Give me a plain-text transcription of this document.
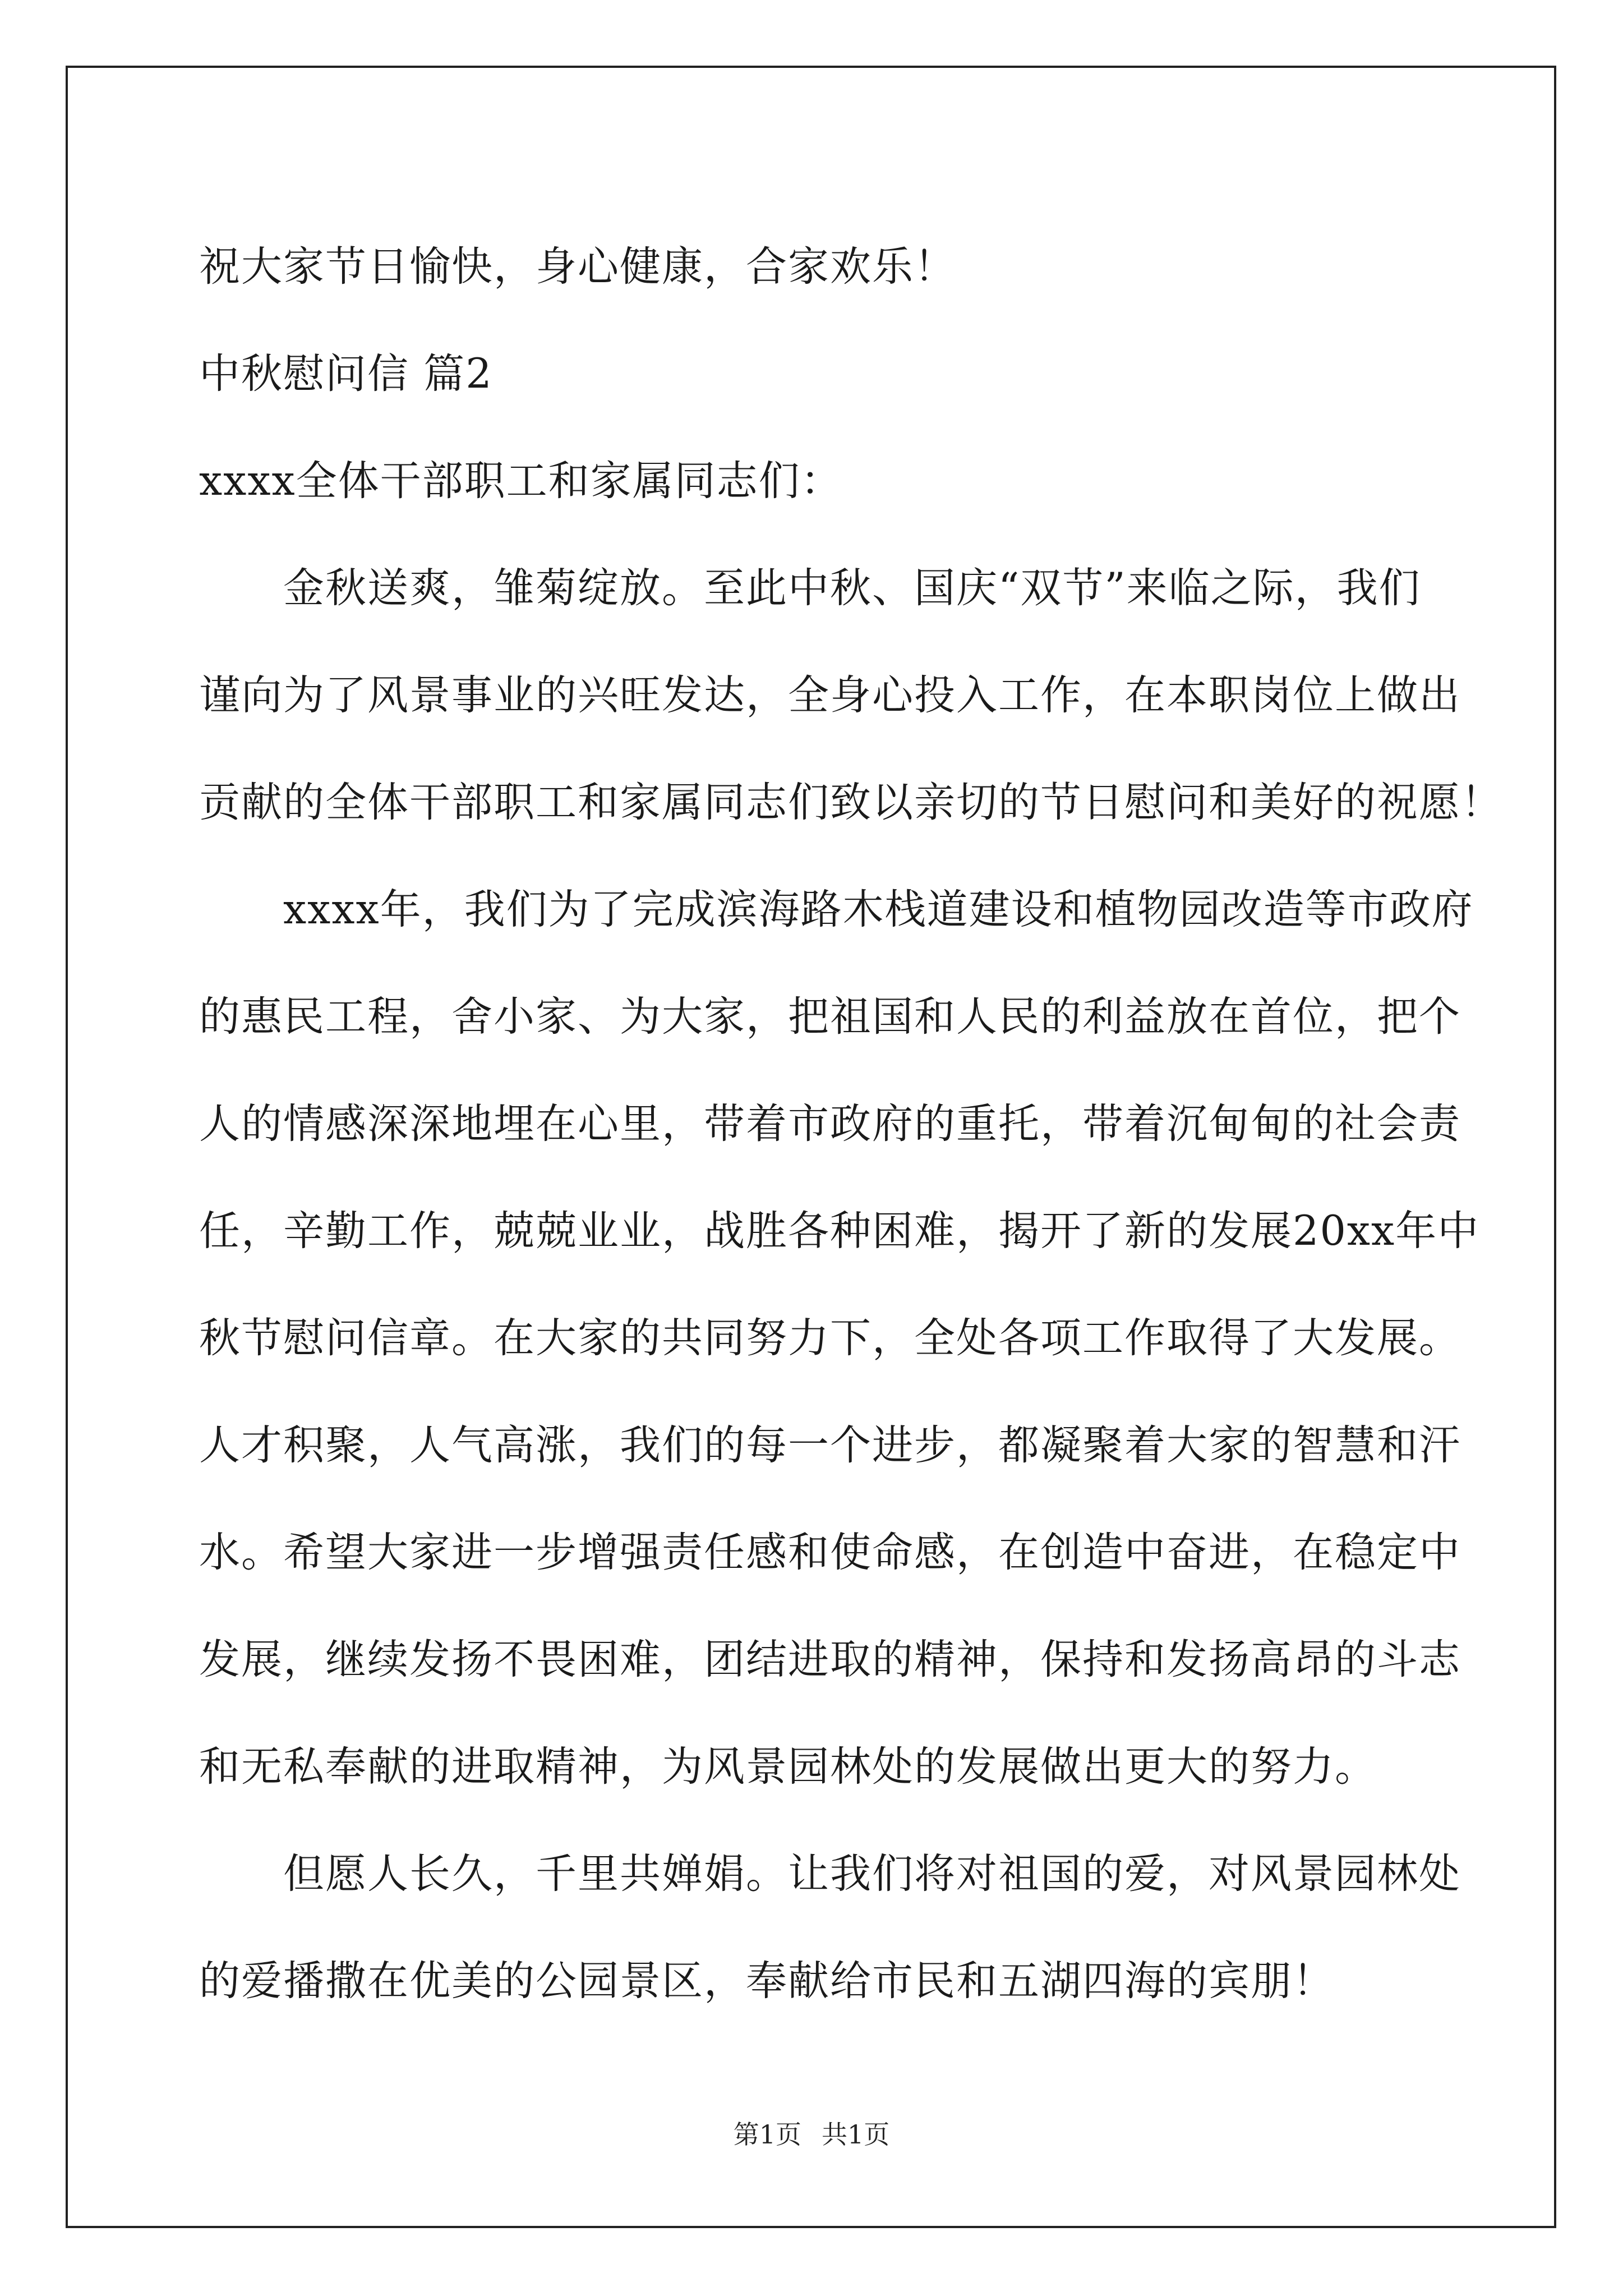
祝大家节日愉快，身心健康，合家欢乐！
中秋慰问信 篇2
xxxx全体干部职工和家属同志们：
金秋送爽，雏菊绽放。至此中秋、国庆“双节”来临之际，我们
谨向为了风景事业的兴旺发达，全身心投入工作，在本职岗位上做出
贡献的全体干部职工和家属同志们致以亲切的节日慰问和美好的祝愿！
xxxx年，我们为了完成滨海路木栈道建设和植物园改造等市政府
的惠民工程，舍小家、为大家，把祖国和人民的利益放在首位，把个
人的情感深深地埋在心里，带着市政府的重托，带着沉甸甸的社会责
任，辛勤工作，兢兢业业，战胜各种困难，揭开了新的发展20xx年中
秋节慰问信章。在大家的共同努力下，全处各项工作取得了大发展。
人才积聚，人气高涨，我们的每一个进步，都凝聚着大家的智慧和汗
水。希望大家进一步增强责任感和使命感，在创造中奋进，在稳定中
发展，继续发扬不畏困难，团结进取的精神，保持和发扬高昂的斗志
和无私奉献的进取精神，为风景园林处的发展做出更大的努力。
但愿人长久，千里共婵娟。让我们将对祖国的爱，对风景园林处
的爱播撒在优美的公园景区，奉献给市民和五湖四海的宾朋！
第1页 共1页
